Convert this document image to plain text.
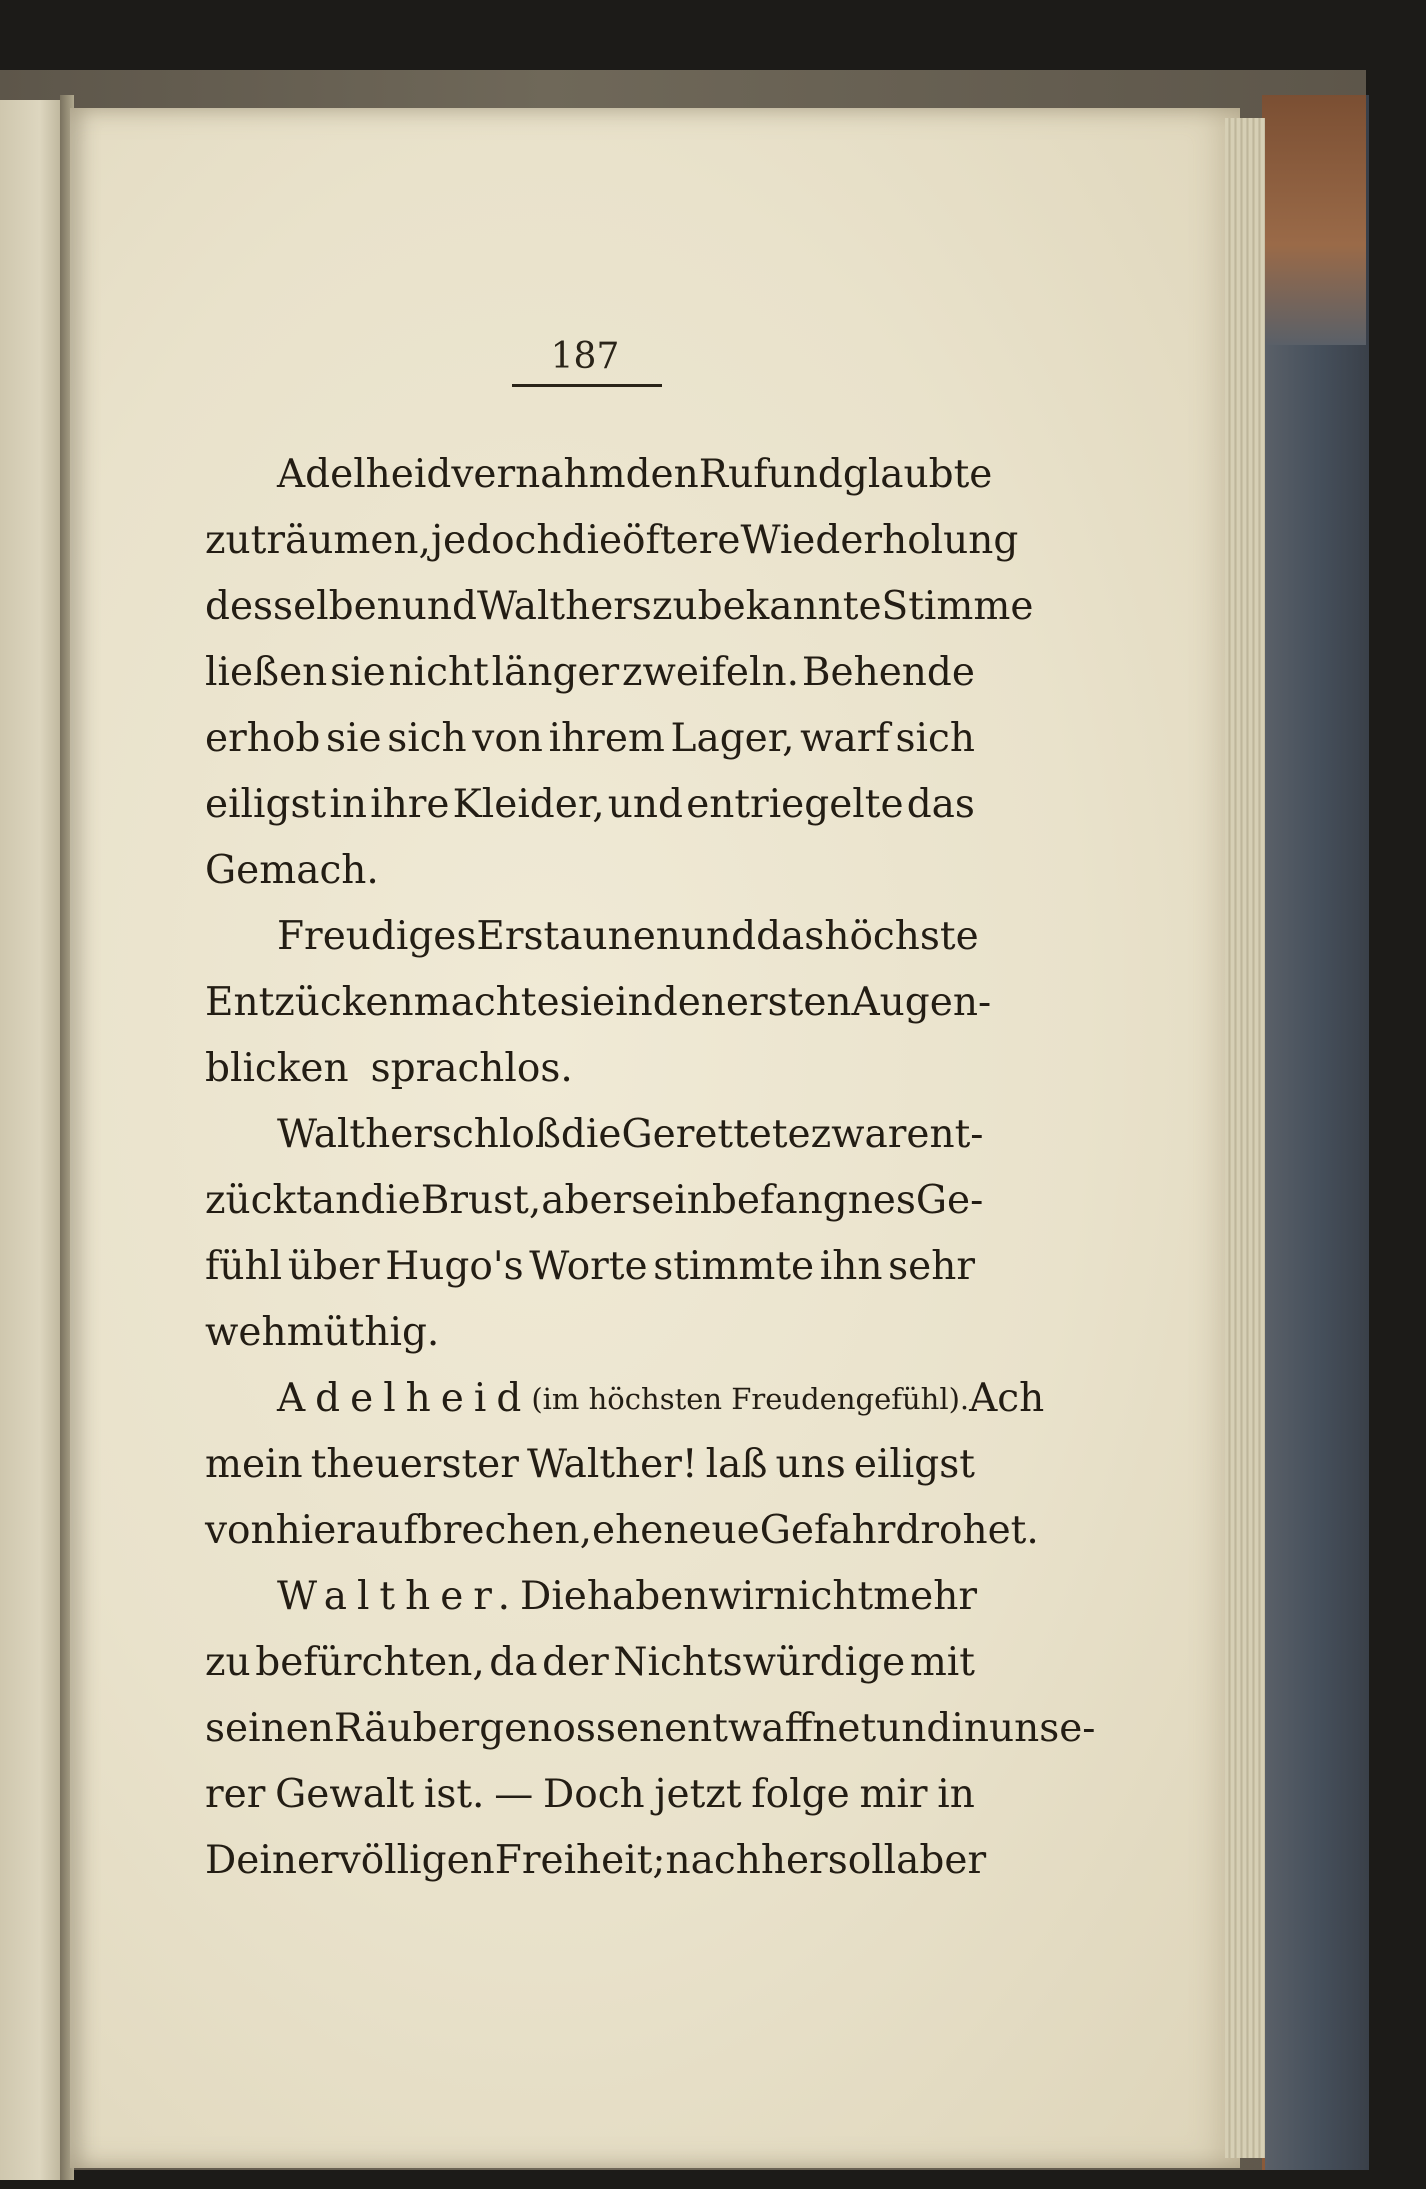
187
Adelheid vernahm den Ruf und glaubte
zu träumen, jedoch die öftere Wiederholung
desselben und Walthers zu bekannte Stimme
ließen sie nicht länger zweifeln. Behende
erhob sie sich von ihrem Lager, warf sich
eiligst in ihre Kleider, und entriegelte das
Gemach.
Freudiges Erstaunen und das höchste
Entzücken machte sie in den ersten Augen-
blicken sprachlos.
Walther schloß die Gerettete zwar ent-
zückt an die Brust, aber sein befangnes Ge-
fühl über Hugo's Worte stimmte ihn sehr
wehmüthig.
Adelheid (im höchsten Freudengefühl). Ach
mein theuerster Walther! laß uns eiligst
von hier aufbrechen, ehe neue Gefahr drohet.
Walther. Die haben wir nicht mehr
zu befürchten, da der Nichtswürdige mit
seinen Räubergenossen entwaffnet und in unse-
rer Gewalt ist. — Doch jetzt folge mir in
Deiner völligen Freiheit; nachher soll aber
